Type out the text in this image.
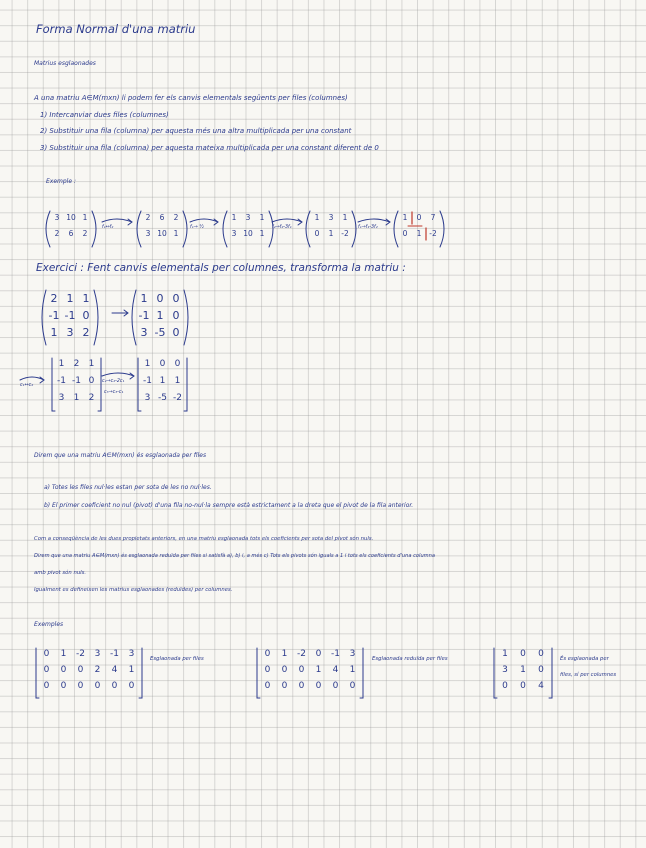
Forma Normal d'una matriu
Matrius esglaonades
A una matriu A∈M(mxn) li podem fer els canvis elementals següents per files (columnes)
1) Intercanviar dues files (columnes)
2) Substituir una fila (columna) per aquesta més una altra multiplicada per una constant
3) Substituir una fila (columna) per aquesta mateixa multiplicada per una constant diferent de 0
Exemple :
3 10 1
2	6	2
2	6	2
3 10 1
1	3	1
3 10 1
1	3	1
0	1	-2
1	0	7
0	1	-2
f₁↔f₂	f₁→ ½	f₂→f₂-3f₁	f₁→f₁-3f₂
Exercici : Fent canvis elementals per columnes, transforma la matriu :
2 1 1
-1 -1 0
1 3 2
1 0 0
-1 1 0
3 -5 0
c₁↔c₂
1	2	1
-1 -1 0
3	1	2
c₂→c₂-2c₁
c₃→c₃-c₁
1	0	0
-1 1	1
3 -5 -2
Direm que una matriu A∈M(mxn) és esglaonada per files
a) Totes les files nul·les estan per sota de les no nul·les.
b) El primer coeficient no nul (pivot) d'una fila no-nul·la sempre està estrictament a la dreta que el pivot de la fila anterior.
Com a conseqüència de les dues propietats anteriors, en una matriu esglaonada tots els coeficients per sota del pivot són nuls.
Direm que una matriu A∈M(mxn) és esglaonada reduïda per files si satisfà a), b) i, a més c) Tots els pivots són iguals a 1 i tots els coeficients d'una columna
amb pivot són nuls.
Igualment es defineixen les matrius esglaonades (reduïdes) per columnes.
Exemples
0	1	-2	3	-1	3
0	0	0	2	4	1
0	0	0	0	0	0
0	1	-2	0	-1	3
0	0	0	1	4	1
0	0	0	0	0	0
1	0	0
3	1	0
0	0	4
Esglaonada per files	Esglaonada reduïda per files	És esglaonada per
files, sí per columnes
